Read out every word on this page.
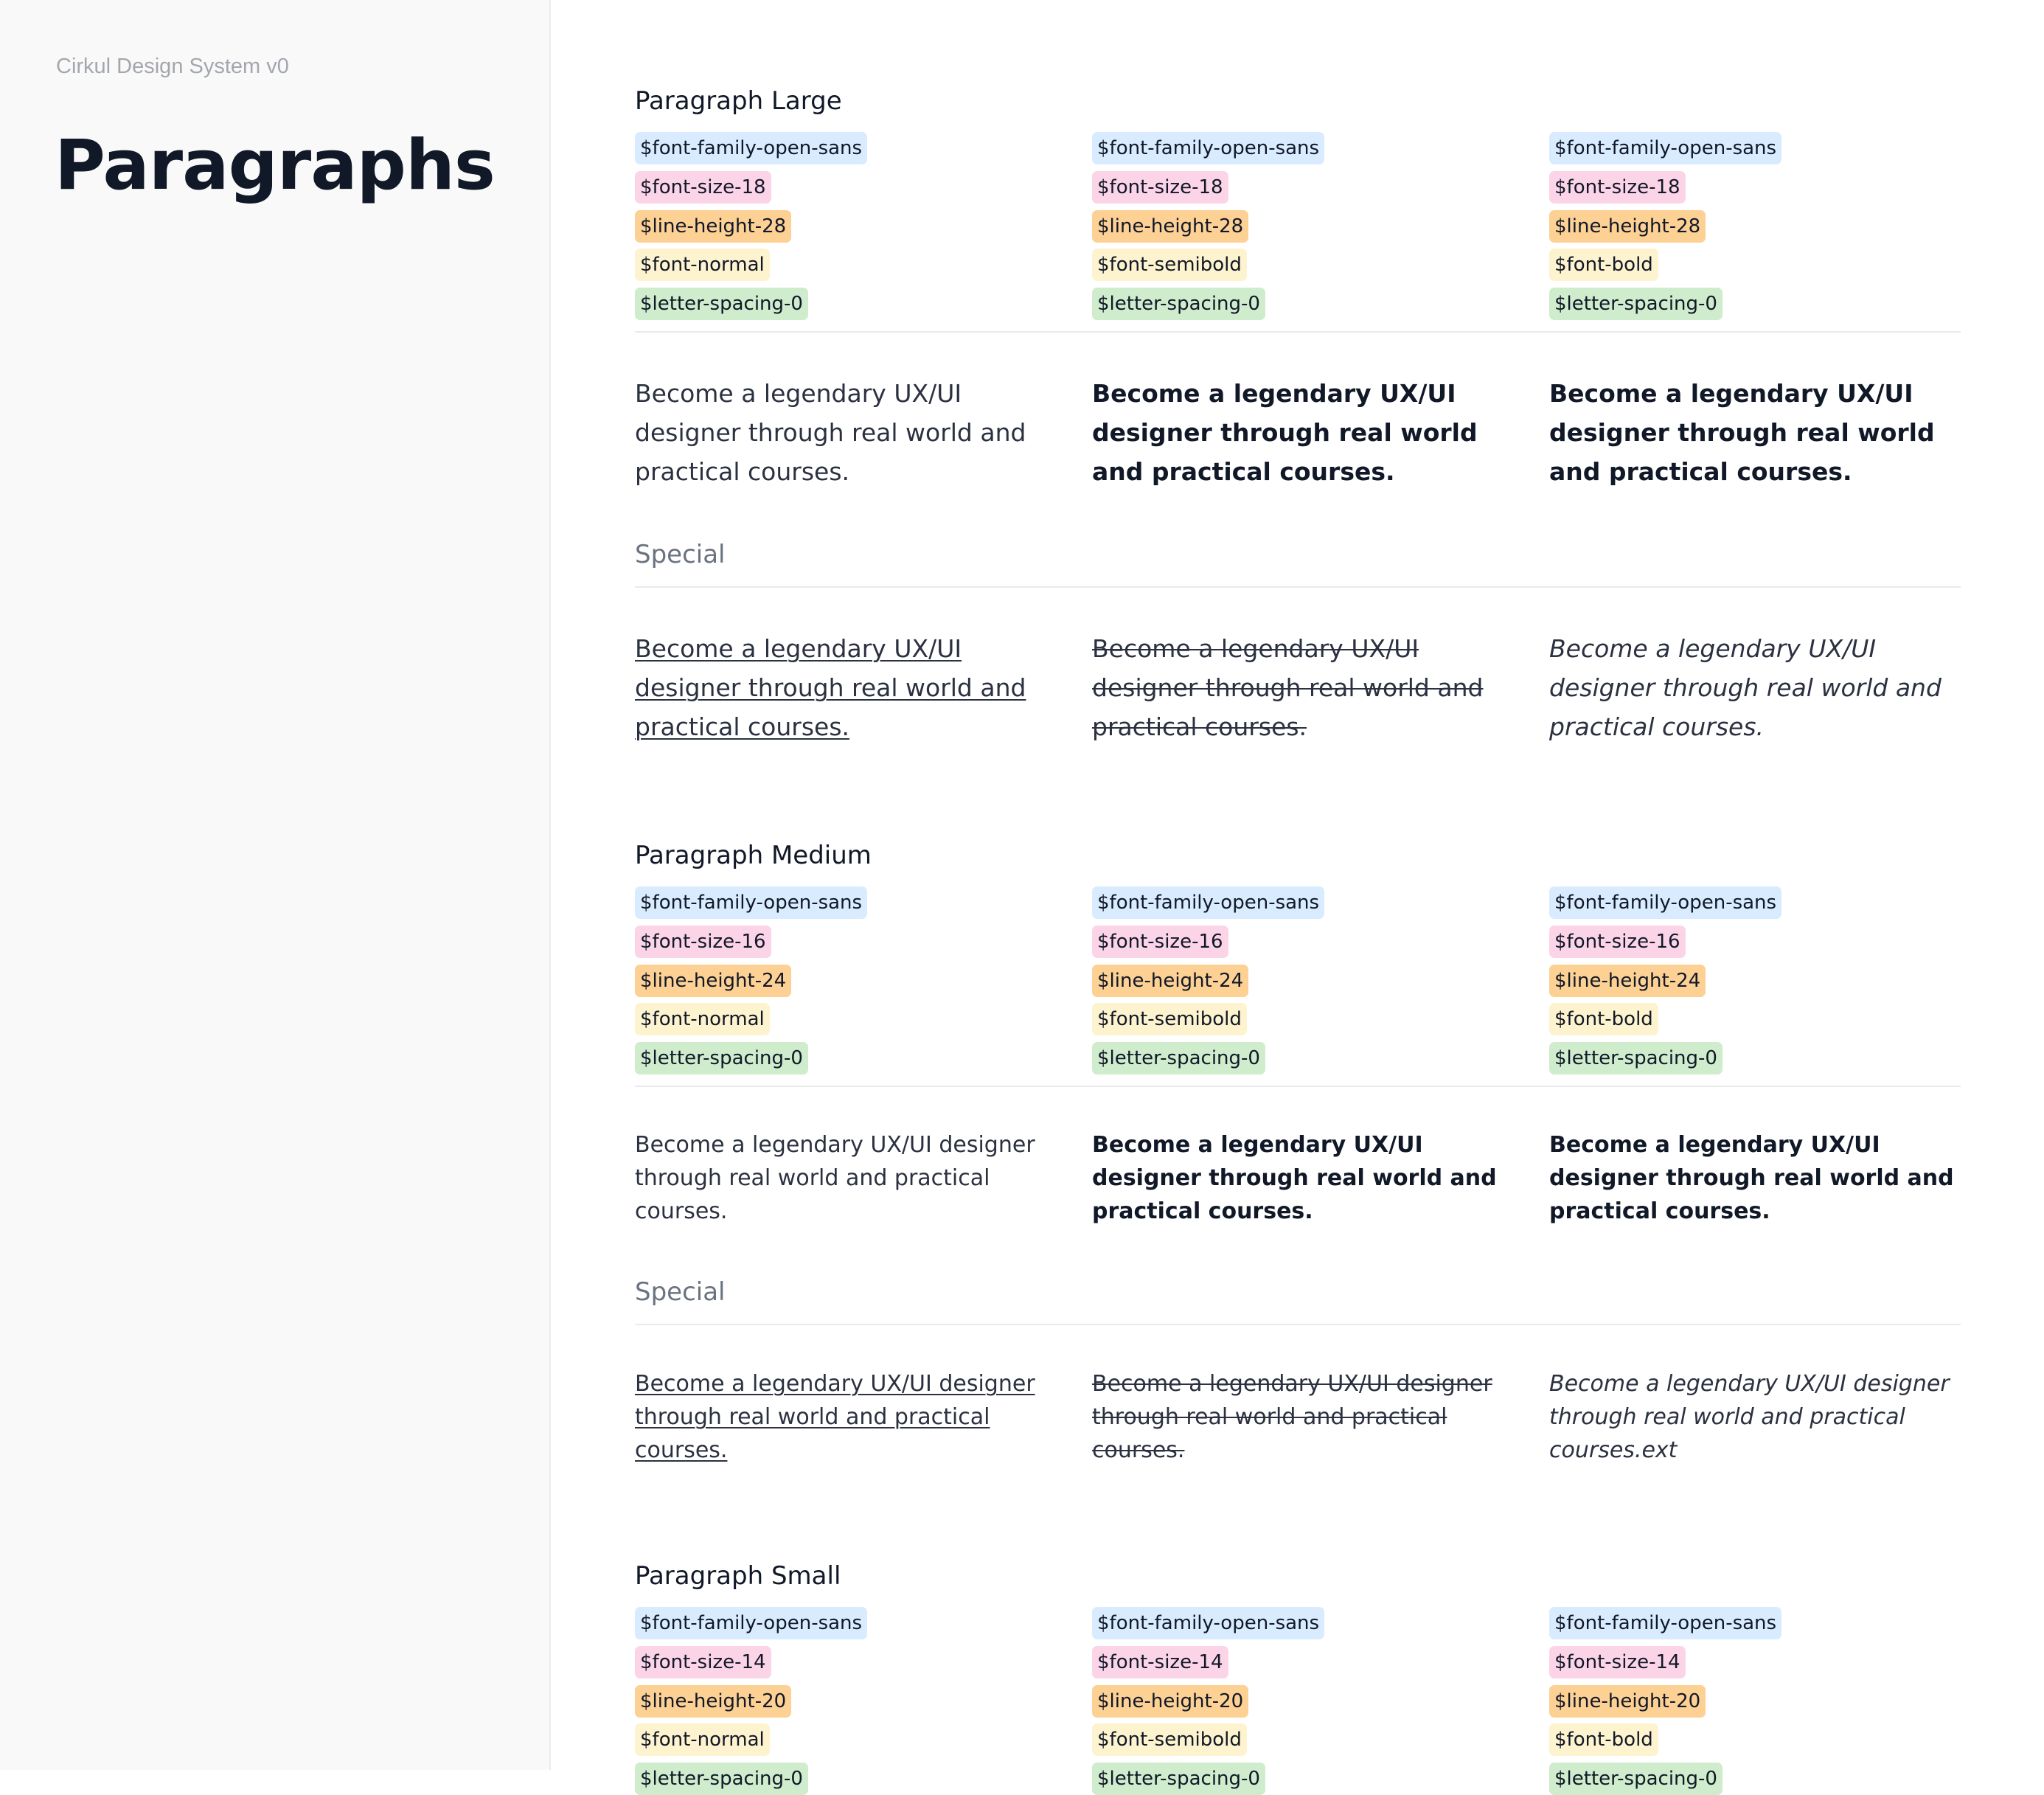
Cirkul Design System v0
Paragraphs
Paragraph Large
$font-family-open-sans
$font-size-18
$line-height-28
$font-normal
$letter-spacing-0
$font-family-open-sans
$font-size-18
$line-height-28
$font-semibold
$letter-spacing-0
$font-family-open-sans
$font-size-18
$line-height-28
$font-bold
$letter-spacing-0
Become a legendary UX/UI designer through real world and practical courses.
Become a legendary UX/UI designer through real world and practical courses.
Become a legendary UX/UI designer through real world and practical courses.
Special
Become a legendary UX/UI designer through real world and practical courses.
Become a legendary UX/UI designer through real world and practical courses.
Become a legendary UX/UI designer through real world and practical courses.
Paragraph Medium
$font-family-open-sans
$font-size-16
$line-height-24
$font-normal
$letter-spacing-0
$font-family-open-sans
$font-size-16
$line-height-24
$font-semibold
$letter-spacing-0
$font-family-open-sans
$font-size-16
$line-height-24
$font-bold
$letter-spacing-0
Become a legendary UX/UI designer through real world and practical courses.
Become a legendary UX/UI designer through real world and practical courses.
Become a legendary UX/UI designer through real world and practical courses.
Special
Become a legendary UX/UI designer through real world and practical courses.
Become a legendary UX/UI designer through real world and practical courses.
Become a legendary UX/UI designer through real world and practical courses.ext
Paragraph Small
$font-family-open-sans
$font-size-14
$line-height-20
$font-normal
$letter-spacing-0
$font-family-open-sans
$font-size-14
$line-height-20
$font-semibold
$letter-spacing-0
$font-family-open-sans
$font-size-14
$line-height-20
$font-bold
$letter-spacing-0
